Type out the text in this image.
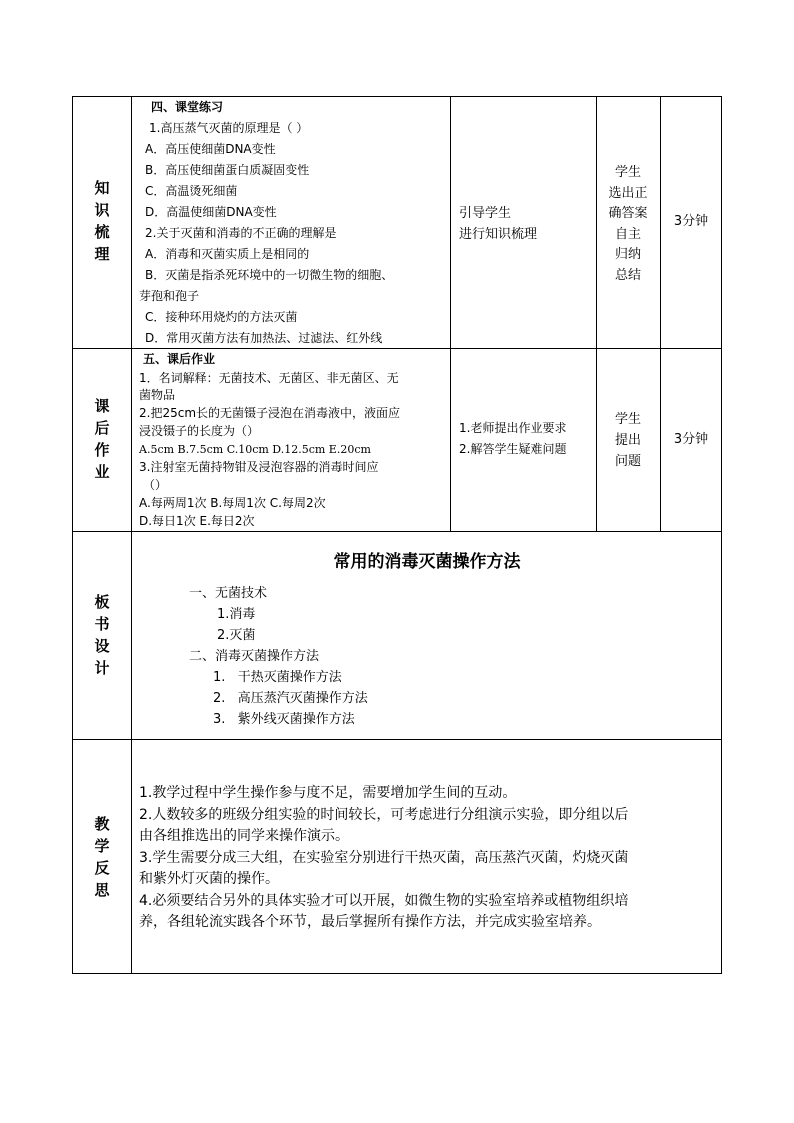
知
识
梳
理
四、课堂练习
1.高压蒸气灭菌的原理是（ ）
A．高压使细菌DNA变性
B．高压使细菌蛋白质凝固变性
C．高温烫死细菌
D．高温使细菌DNA变性
2.关于灭菌和消毒的不正确的理解是
A．消毒和灭菌实质上是相同的
B．灭菌是指杀死环境中的一切微生物的细胞、
芽孢和孢子
C．接种环用烧灼的方法灭菌
D．常用灭菌方法有加热法、过滤法、红外线
引导学生
进行知识梳理
学生
选出正
确答案
自主
归纳
总结
3分钟
课
后
作
业
五、课后作业
1．名词解释：无菌技术、无菌区、非无菌区、无
菌物品
2.把25cm长的无菌镊子浸泡在消毒液中，液面应
浸没镊子的长度为（）
A.5cm B.7.5cm C.10cm D.12.5cm E.20cm
3.注射室无菌持物钳及浸泡容器的消毒时间应
（）
A.每两周1次 B.每周1次 C.每周2次
D.每日1次 E.每日2次
1.老师提出作业要求
2.解答学生疑难问题
学生
提出
问题
3分钟
板
书
设
计
常用的消毒灭菌操作方法
一、无菌技术
1.消毒
2.灭菌
二、消毒灭菌操作方法
1.   干热灭菌操作方法
2.   高压蒸汽灭菌操作方法
3.   紫外线灭菌操作方法
教
学
反
思
1.教学过程中学生操作参与度不足，需要增加学生间的互动。
2.人数较多的班级分组实验的时间较长，可考虑进行分组演示实验，即分组以后
由各组推选出的同学来操作演示。
3.学生需要分成三大组，在实验室分别进行干热灭菌，高压蒸汽灭菌，灼烧灭菌
和紫外灯灭菌的操作。
4.必须要结合另外的具体实验才可以开展，如微生物的实验室培养或植物组织培
养，各组轮流实践各个环节，最后掌握所有操作方法，并完成实验室培养。
